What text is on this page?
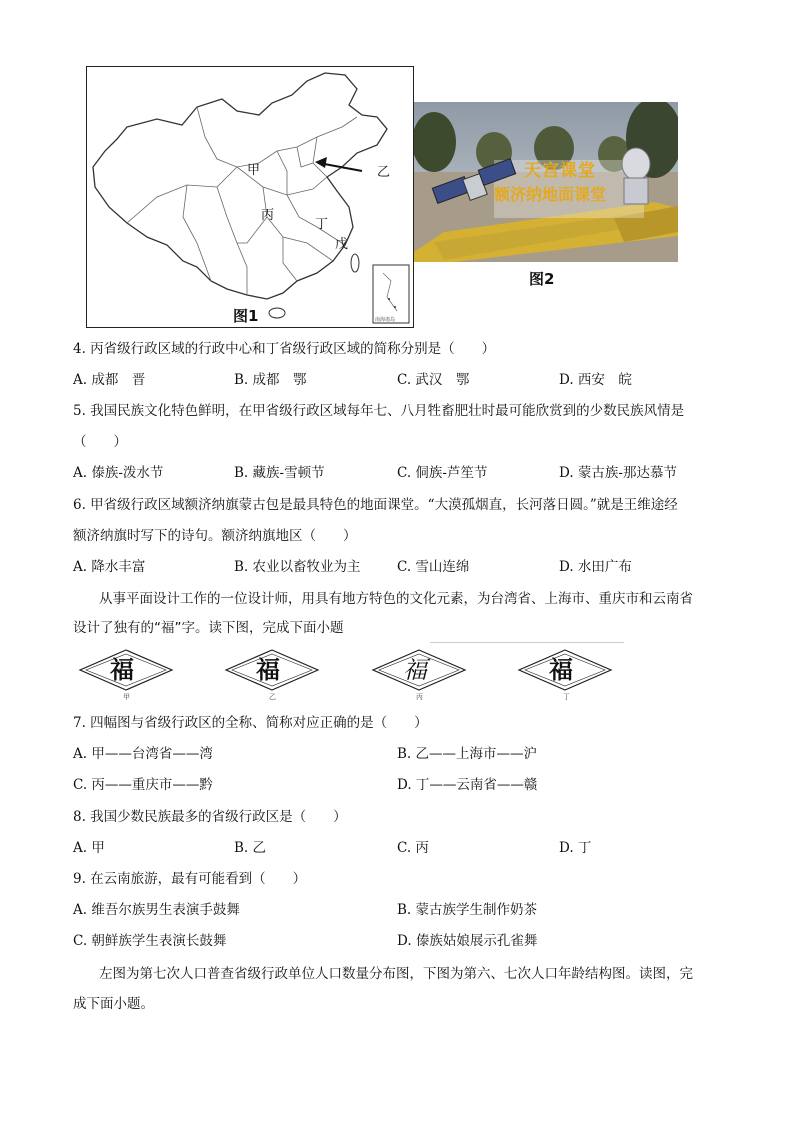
甲	乙
丙
丁
戊
南海诸岛
图1
天宫课堂
额济纳地面课堂
图2
4. 丙省级行政区域的行政中心和丁省级行政区域的简称分别是（　　）
A. 成都　晋	B. 成都　鄂	C. 武汉　鄂	D. 西安　皖
5. 我国民族文化特色鲜明，在甲省级行政区域每年七、八月牲畜肥壮时最可能欣赏到的少数民族风情是
（　　）
A. 傣族-泼水节	B. 藏族-雪顿节	C. 侗族-芦笙节	D. 蒙古族-那达慕节
6. 甲省级行政区域额济纳旗蒙古包是最具特色的地面课堂。“大漠孤烟直，长河落日圆。”就是王维途经
额济纳旗时写下的诗句。额济纳旗地区（　　）
A. 降水丰富	B. 农业以畜牧业为主	C. 雪山连绵	D. 水田广布
从事平面设计工作的一位设计师，用具有地方特色的文化元素，为台湾省、上海市、重庆市和云南省
设计了独有的“福”字。读下图，完成下面小题
福
甲
福
乙
福
丙
福
丁
7. 四幅图与省级行政区的全称、简称对应正确的是（　　）
A. 甲——台湾省——湾	B. 乙——上海市——沪
C. 丙——重庆市——黔	D. 丁——云南省——赣
8. 我国少数民族最多的省级行政区是（　　）
A. 甲	B. 乙	C. 丙	D. 丁
9. 在云南旅游，最有可能看到（　　）
A. 维吾尔族男生表演手鼓舞	B. 蒙古族学生制作奶茶
C. 朝鲜族学生表演长鼓舞	D. 傣族姑娘展示孔雀舞
左图为第七次人口普查省级行政单位人口数量分布图，下图为第六、七次人口年龄结构图。读图，完
成下面小题。
